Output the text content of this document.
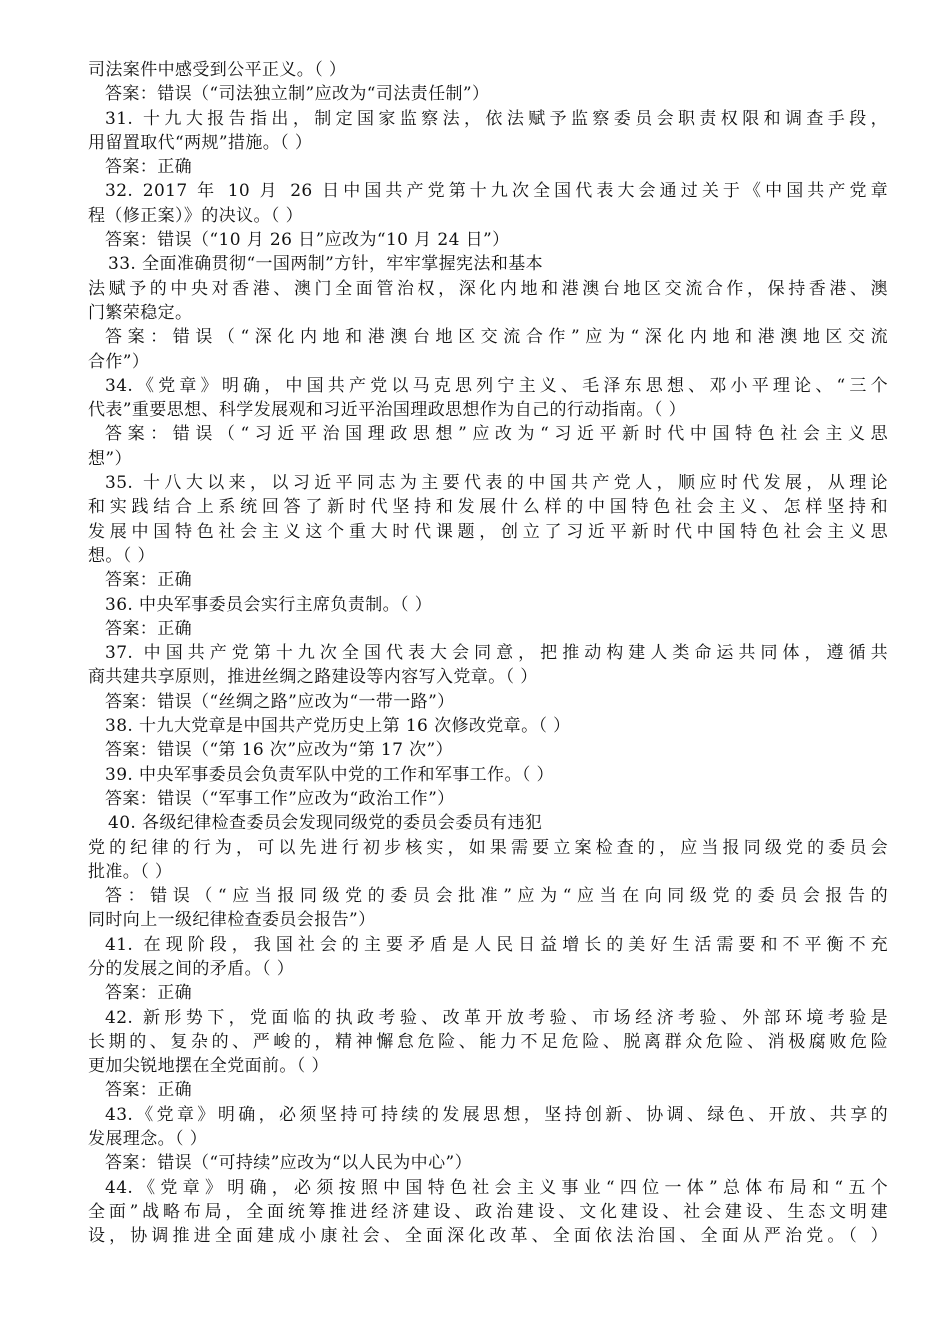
司法案件中感受到公平正义。（ ）
答案：错误（“司法独立制”应改为“司法责任制”）
31. 十九大报告指出，制定国家监察法，依法赋予监察委员会职责权限和调查手段，
用留置取代“两规”措施。（ ）
答案：正确
32. 2017 年 10 月 26 日中国共产党第十九次全国代表大会通过关于《中国共产党章
程（修正案）》的决议。（ ）
答案：错误（“10 月 26 日”应改为“10 月 24 日”）
33. 全面准确贯彻“一国两制”方针，牢牢掌握宪法和基本
法赋予的中央对香港、澳门全面管治权，深化内地和港澳台地区交流合作，保持香港、澳
门繁荣稳定。
答案：错误（“深化内地和港澳台地区交流合作”应为“深化内地和港澳地区交流
合作”）
34.《党章》明确，中国共产党以马克思列宁主义、毛泽东思想、邓小平理论、“三个
代表”重要思想、科学发展观和习近平治国理政思想作为自己的行动指南。（ ）
答案：错误（“习近平治国理政思想”应改为“习近平新时代中国特色社会主义思
想”）
35. 十八大以来，以习近平同志为主要代表的中国共产党人，顺应时代发展，从理论
和实践结合上系统回答了新时代坚持和发展什么样的中国特色社会主义、怎样坚持和
发展中国特色社会主义这个重大时代课题，创立了习近平新时代中国特色社会主义思
想。（ ）
答案：正确
36. 中央军事委员会实行主席负责制。（ ）
答案：正确
37. 中国共产党第十九次全国代表大会同意，把推动构建人类命运共同体，遵循共
商共建共享原则，推进丝绸之路建设等内容写入党章。（ ）
答案：错误（“丝绸之路”应改为“一带一路”）
38. 十九大党章是中国共产党历史上第 16 次修改党章。（ ）
答案：错误（“第 16 次”应改为“第 17 次”）
39. 中央军事委员会负责军队中党的工作和军事工作。（ ）
答案：错误（“军事工作”应改为“政治工作”）
40. 各级纪律检查委员会发现同级党的委员会委员有违犯
党的纪律的行为，可以先进行初步核实，如果需要立案检查的，应当报同级党的委员会
批准。（ ）
答：错误（“应当报同级党的委员会批准”应为“应当在向同级党的委员会报告的
同时向上一级纪律检查委员会报告”）
41. 在现阶段，我国社会的主要矛盾是人民日益增长的美好生活需要和不平衡不充
分的发展之间的矛盾。（ ）
答案：正确
42. 新形势下，党面临的执政考验、改革开放考验、市场经济考验、外部环境考验是
长期的、复杂的、严峻的，精神懈怠危险、能力不足危险、脱离群众危险、消极腐败危险
更加尖锐地摆在全党面前。（ ）
答案：正确
43.《党章》明确，必须坚持可持续的发展思想，坚持创新、协调、绿色、开放、共享的
发展理念。（ ）
答案：错误（“可持续”应改为“以人民为中心”）
44.《党章》明确，必须按照中国特色社会主义事业“四位一体”总体布局和“五个
全面”战略布局，全面统筹推进经济建设、政治建设、文化建设、社会建设、生态文明建
设，协调推进全面建成小康社会、全面深化改革、全面依法治国、全面从严治党。（ ）
